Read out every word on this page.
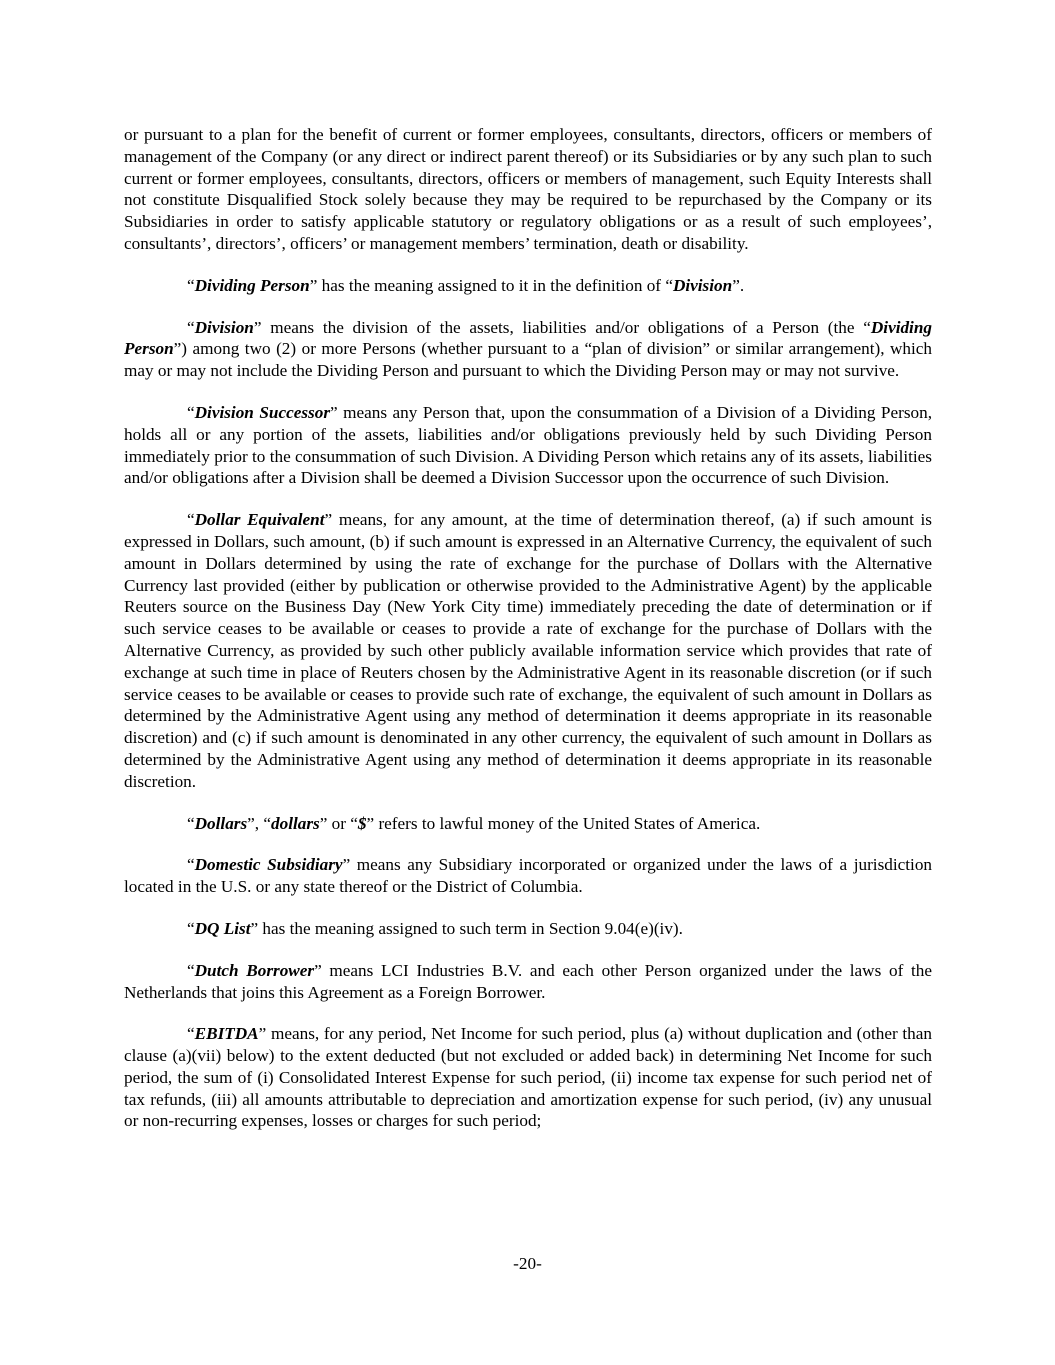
or pursuant to a plan for the benefit of current or former employees, consultants, directors, officers or members of management of the Company (or any direct or indirect parent thereof) or its Subsidiaries or by any such plan to such current or former employees, consultants, directors, officers or members of management, such Equity Interests shall not constitute Disqualified Stock solely because they may be required to be repurchased by the Company or its Subsidiaries in order to satisfy applicable statutory or regulatory obligations or as a result of such employees’, consultants’, directors’, officers’ or management members’ termination, death or disability.

“Dividing Person” has the meaning assigned to it in the definition of “Division”.

“Division” means the division of the assets, liabilities and/or obligations of a Person (the “Dividing Person”) among two (2) or more Persons (whether pursuant to a “plan of division” or similar arrangement), which may or may not include the Dividing Person and pursuant to which the Dividing Person may or may not survive.

“Division Successor” means any Person that, upon the consummation of a Division of a Dividing Person, holds all or any portion of the assets, liabilities and/or obligations previously held by such Dividing Person immediately prior to the consummation of such Division. A Dividing Person which retains any of its assets, liabilities and/or obligations after a Division shall be deemed a Division Successor upon the occurrence of such Division.

“Dollar Equivalent” means, for any amount, at the time of determination thereof, (a) if such amount is expressed in Dollars, such amount, (b) if such amount is expressed in an Alternative Currency, the equivalent of such amount in Dollars determined by using the rate of exchange for the purchase of Dollars with the Alternative Currency last provided (either by publication or otherwise provided to the Administrative Agent) by the applicable Reuters source on the Business Day (New York City time) immediately preceding the date of determination or if such service ceases to be available or ceases to provide a rate of exchange for the purchase of Dollars with the Alternative Currency, as provided by such other publicly available information service which provides that rate of exchange at such time in place of Reuters chosen by the Administrative Agent in its reasonable discretion (or if such service ceases to be available or ceases to provide such rate of exchange, the equivalent of such amount in Dollars as determined by the Administrative Agent using any method of determination it deems appropriate in its reasonable discretion) and (c) if such amount is denominated in any other currency, the equivalent of such amount in Dollars as determined by the Administrative Agent using any method of determination it deems appropriate in its reasonable discretion.

“Dollars”, “dollars” or “$” refers to lawful money of the United States of America.

“Domestic Subsidiary” means any Subsidiary incorporated or organized under the laws of a jurisdiction located in the U.S. or any state thereof or the District of Columbia.

“DQ List” has the meaning assigned to such term in Section 9.04(e)(iv).

“Dutch Borrower” means LCI Industries B.V. and each other Person organized under the laws of the Netherlands that joins this Agreement as a Foreign Borrower.

“EBITDA” means, for any period, Net Income for such period, plus (a) without duplication and (other than clause (a)(vii) below) to the extent deducted (but not excluded or added back) in determining Net Income for such period, the sum of (i) Consolidated Interest Expense for such period, (ii) income tax expense for such period net of tax refunds, (iii) all amounts attributable to depreciation and amortization expense for such period, (iv) any unusual or non-recurring expenses, losses or charges for such period;

-20-
